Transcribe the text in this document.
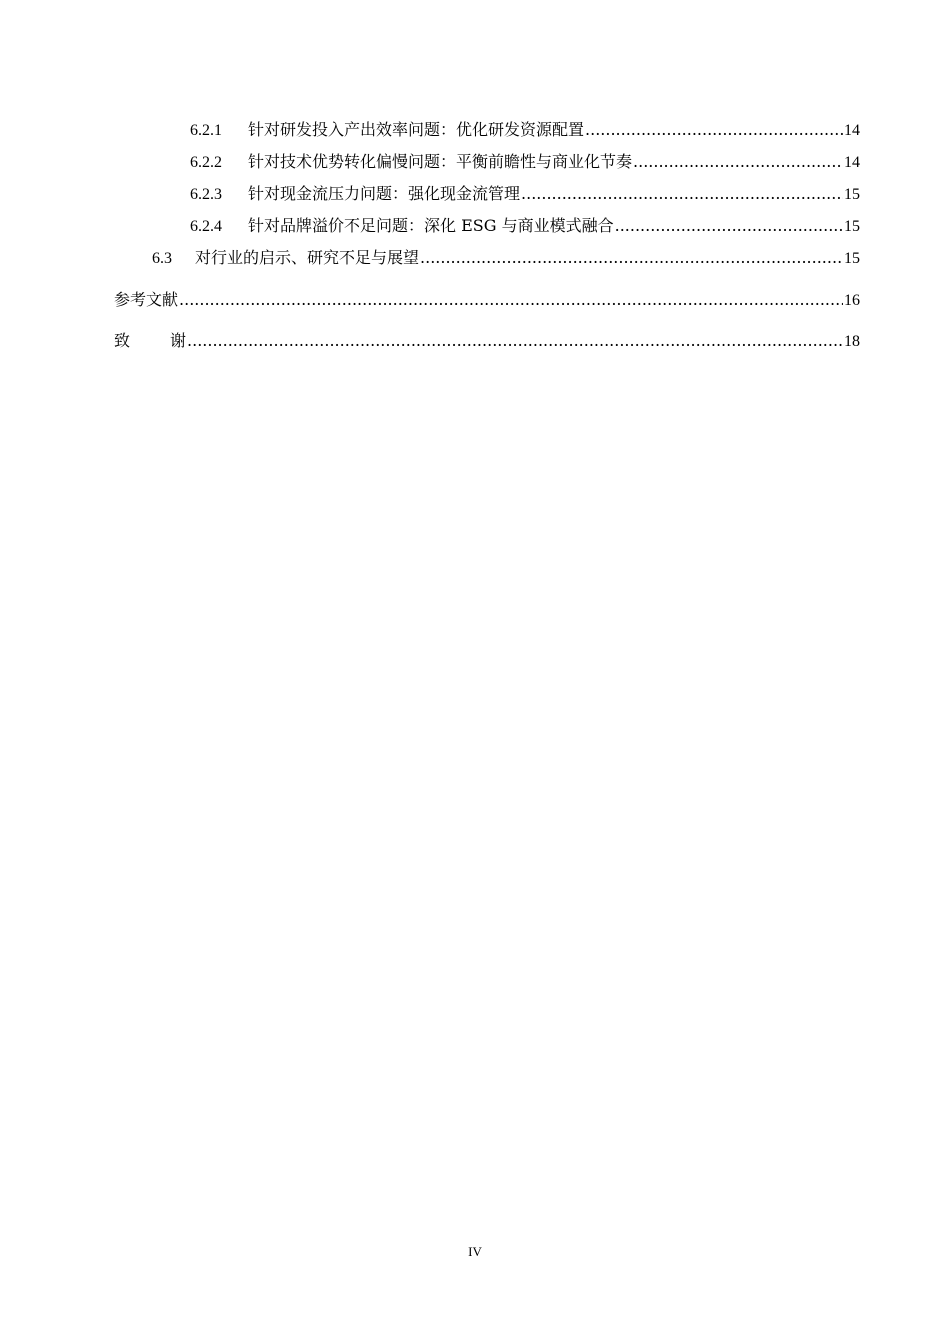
6.2.1	针对研发投入产出效率问题：优化研发资源配置 .....	14
6.2.2	针对技术优势转化偏慢问题：平衡前瞻性与商业化节奏 .....	14
6.2.3	针对现金流压力问题：强化现金流管理 .....	15
6.2.4	针对品牌溢价不足问题：深化 ESG 与商业模式融合 .....	15
6.3	对行业的启示、研究不足与展望 .....	15
参考文献 .....	16
致	谢 .....	18
IV
